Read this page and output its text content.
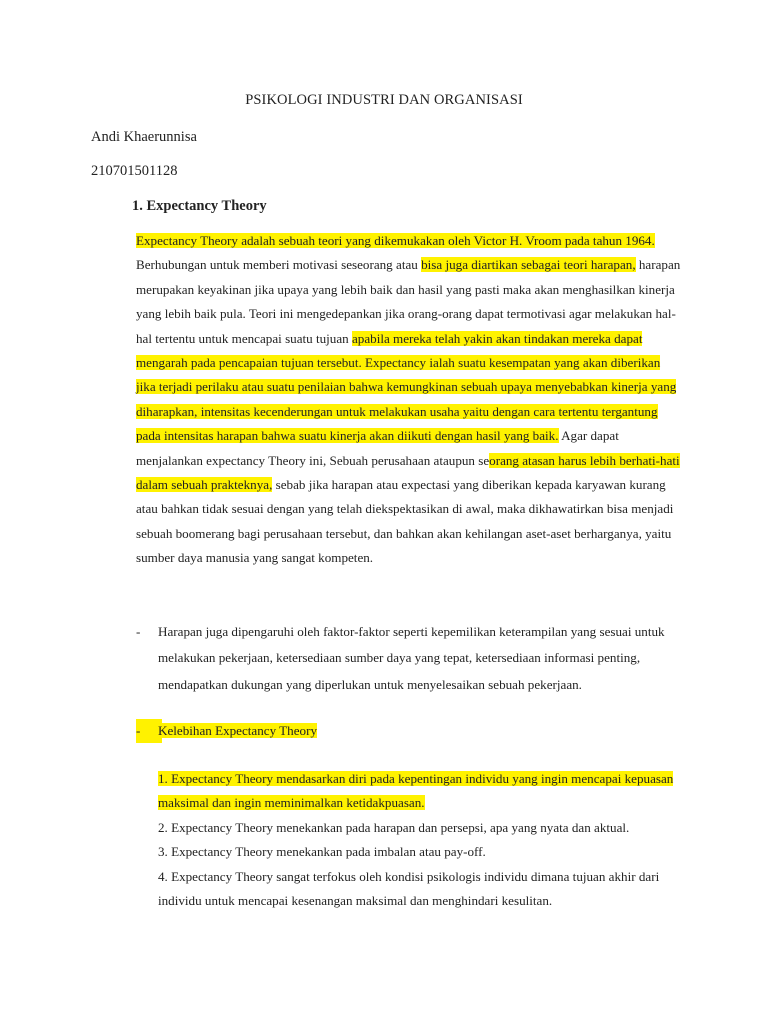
PSIKOLOGI INDUSTRI DAN ORGANISASI
Andi Khaerunnisa
210701501128
1. Expectancy Theory
Expectancy Theory adalah sebuah teori yang dikemukakan oleh Victor H. Vroom pada tahun 1964. Berhubungan untuk memberi motivasi seseorang atau bisa juga diartikan sebagai teori harapan, harapan merupakan keyakinan jika upaya yang lebih baik dan hasil yang pasti maka akan menghasilkan kinerja yang lebih baik pula. Teori ini mengedepankan jika orang-orang dapat termotivasi agar melakukan hal-hal tertentu untuk mencapai suatu tujuan apabila mereka telah yakin akan tindakan mereka dapat mengarah pada pencapaian tujuan tersebut. Expectancy ialah suatu kesempatan yang akan diberikan jika terjadi perilaku atau suatu penilaian bahwa kemungkinan sebuah upaya menyebabkan kinerja yang diharapkan, intensitas kecenderungan untuk melakukan usaha yaitu dengan cara tertentu tergantung pada intensitas harapan bahwa suatu kinerja akan diikuti dengan hasil yang baik. Agar dapat menjalankan expectancy Theory ini, Sebuah perusahaan ataupun seorang atasan harus lebih berhati-hati dalam sebuah prakteknya, sebab jika harapan atau expectasi yang diberikan kepada karyawan kurang atau bahkan tidak sesuai dengan yang telah diekspektasikan di awal, maka dikhawatirkan bisa menjadi sebuah boomerang bagi perusahaan tersebut, dan bahkan akan kehilangan aset-aset berharganya, yaitu sumber daya manusia yang sangat kompeten.
- Harapan juga dipengaruhi oleh faktor-faktor seperti kepemilikan keterampilan yang sesuai untuk melakukan pekerjaan, ketersediaan sumber daya yang tepat, ketersediaan informasi penting, mendapatkan dukungan yang diperlukan untuk menyelesaikan sebuah pekerjaan.
-	Kelebihan Expectancy Theory

1. Expectancy Theory mendasarkan diri pada kepentingan individu yang ingin mencapai kepuasan maksimal dan ingin meminimalkan ketidakpuasan.

2. Expectancy Theory menekankan pada harapan dan persepsi, apa yang nyata dan aktual.

3. Expectancy Theory menekankan pada imbalan atau pay-off.

4. Expectancy Theory sangat terfokus oleh kondisi psikologis individu dimana tujuan akhir dari individu untuk mencapai kesenangan maksimal dan menghindari kesulitan.
